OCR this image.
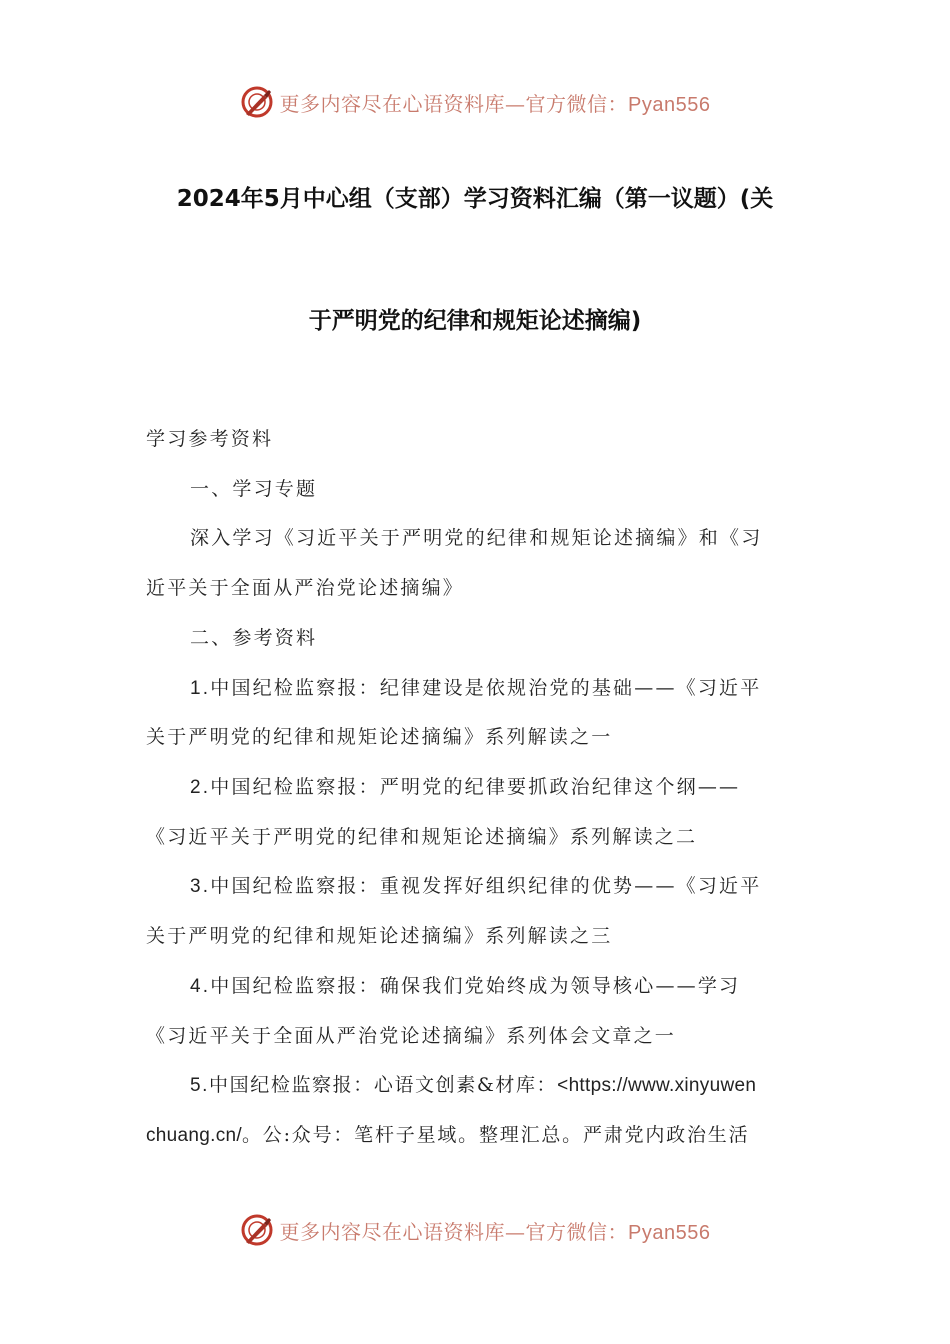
更多内容尽在心语资料库—官方微信：Pyan556
2024年5月中心组（支部）学习资料汇编（第一议题）(关
于严明党的纪律和规矩论述摘编)
学习参考资料
一、学习专题
深入学习《习近平关于严明党的纪律和规矩论述摘编》和《习
近平关于全面从严治党论述摘编》
二、参考资料
1.中国纪检监察报：纪律建设是依规治党的基础——《习近平
关于严明党的纪律和规矩论述摘编》系列解读之一
2.中国纪检监察报：严明党的纪律要抓政治纪律这个纲——
《习近平关于严明党的纪律和规矩论述摘编》系列解读之二
3.中国纪检监察报：重视发挥好组织纪律的优势——《习近平
关于严明党的纪律和规矩论述摘编》系列解读之三
4.中国纪检监察报：确保我们党始终成为领导核心——学习
《习近平关于全面从严治党论述摘编》系列体会文章之一
5.中国纪检监察报：心语文创素&材库：<https://www.xinyuwen
chuang.cn/。公:众号：笔杆子星域。整理汇总。严肃党内政治生活
更多内容尽在心语资料库—官方微信：Pyan556
